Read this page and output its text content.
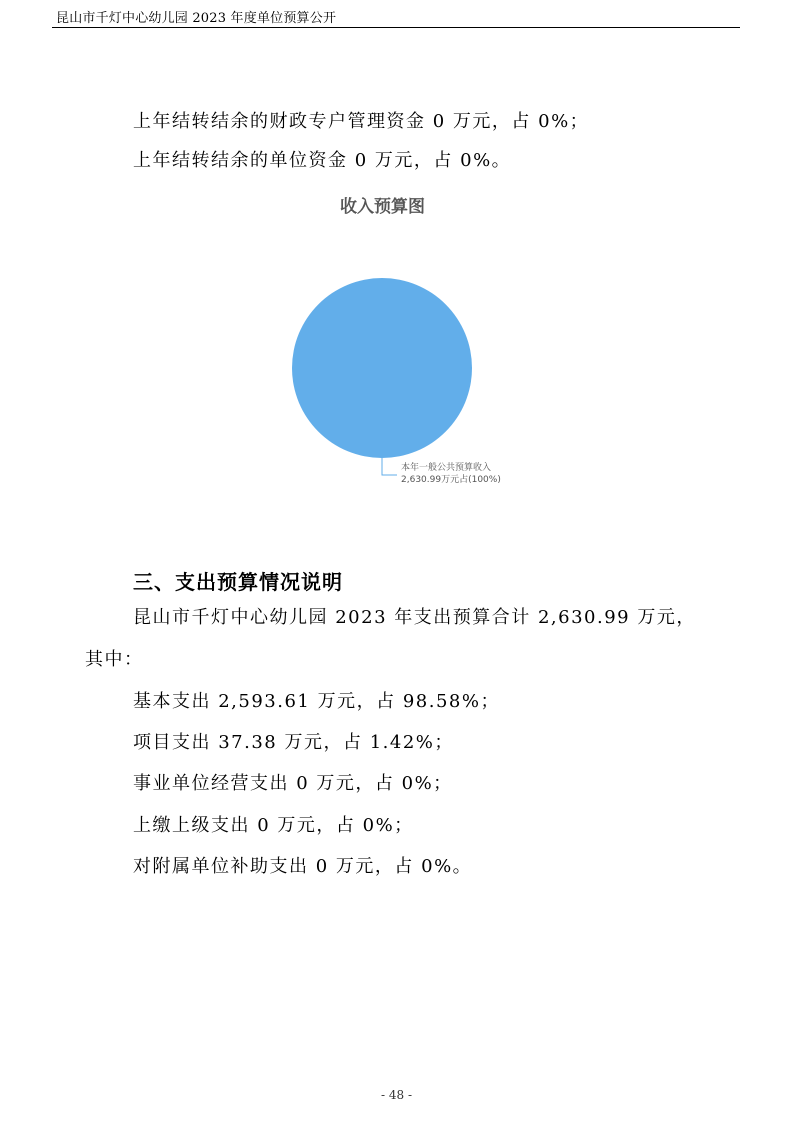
昆山市千灯中心幼儿园 2023 年度单位预算公开
上年结转结余的财政专户管理资金 0 万元，占 0%；
上年结转结余的单位资金 0 万元，占 0%。
收入预算图
本年一般公共预算收入
2,630.99万元占(100%)
三、支出预算情况说明
昆山市千灯中心幼儿园 2023 年支出预算合计 2,630.99 万元，
其中：
基本支出 2,593.61 万元，占 98.58%；
项目支出 37.38 万元，占 1.42%；
事业单位经营支出 0 万元，占 0%；
上缴上级支出 0 万元，占 0%；
对附属单位补助支出 0 万元，占 0%。
- 48 -
